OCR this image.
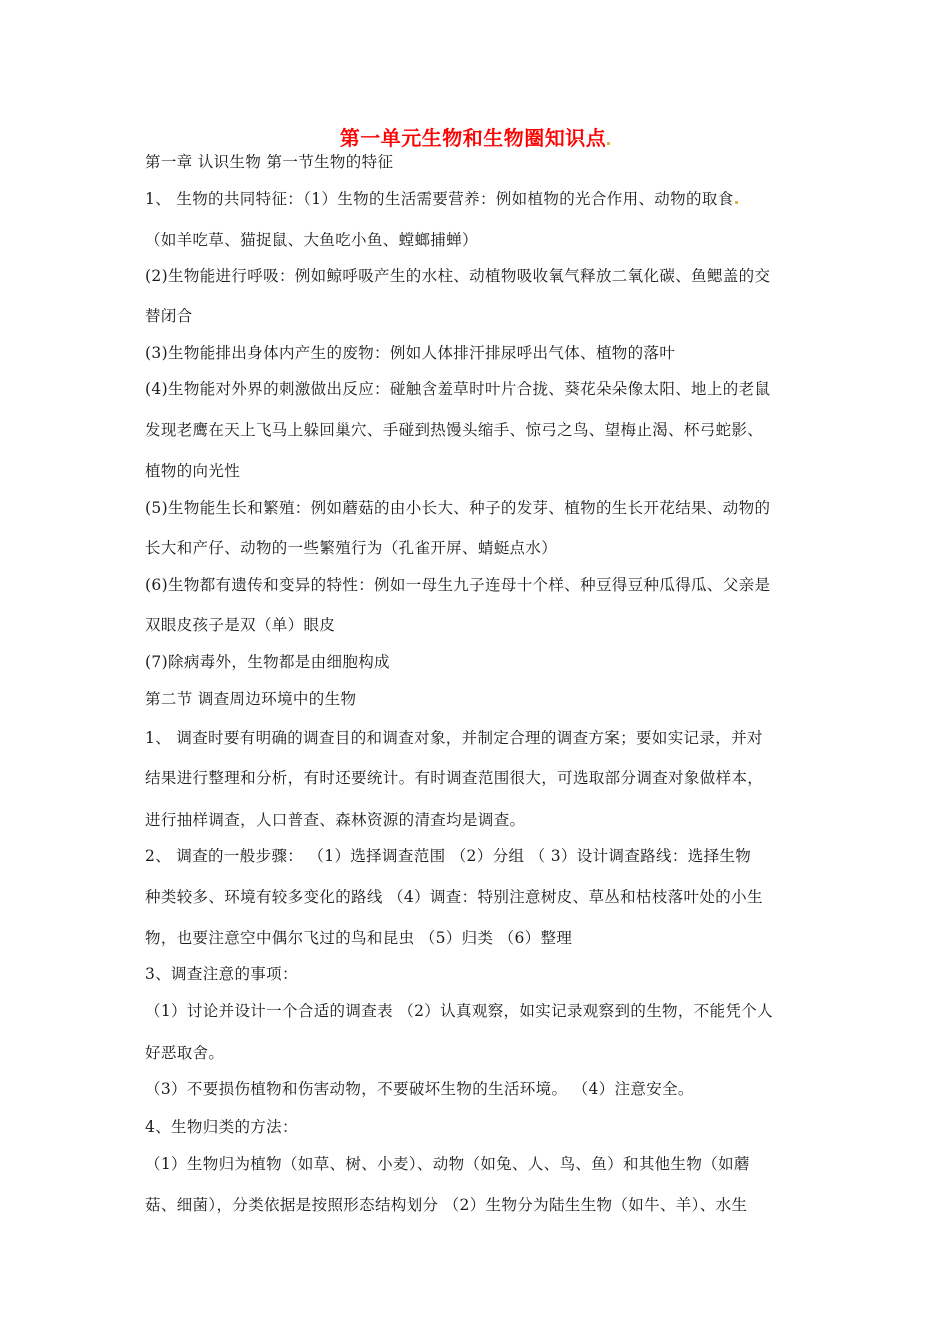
第一单元生物和生物圈知识点
第一章 认识生物 第一节生物的特征
1、 生物的共同特征：（1）生物的生活需要营养：例如植物的光合作用、动物的取食
（如羊吃草、猫捉鼠、大鱼吃小鱼、螳螂捕蝉）
(2)生物能进行呼吸：例如鲸呼吸产生的水柱、动植物吸收氧气释放二氧化碳、鱼鳃盖的交
替闭合
(3)生物能排出身体内产生的废物：例如人体排汗排尿呼出气体、植物的落叶
(4)生物能对外界的刺激做出反应：碰触含羞草时叶片合拢、葵花朵朵像太阳、地上的老鼠
发现老鹰在天上飞马上躲回巢穴、手碰到热馒头缩手、惊弓之鸟、望梅止渴、杯弓蛇影、
植物的向光性
(5)生物能生长和繁殖：例如蘑菇的由小长大、种子的发芽、植物的生长开花结果、动物的
长大和产仔、动物的一些繁殖行为（孔雀开屏、蜻蜓点水）
(6)生物都有遗传和变异的特性：例如一母生九子连母十个样、种豆得豆种瓜得瓜、父亲是
双眼皮孩子是双（单）眼皮
(7)除病毒外，生物都是由细胞构成
第二节 调查周边环境中的生物
1、 调查时要有明确的调查目的和调查对象，并制定合理的调查方案；要如实记录，并对
结果进行整理和分析，有时还要统计。有时调查范围很大，可选取部分调查对象做样本，
进行抽样调查，人口普查、森林资源的清查均是调查。
2、 调查的一般步骤： （1）选择调查范围 （2）分组 （ 3）设计调查路线：选择生物
种类较多、环境有较多变化的路线 （4）调查：特别注意树皮、草丛和枯枝落叶处的小生
物，也要注意空中偶尔飞过的鸟和昆虫 （5）归类 （6）整理
3、调查注意的事项：
（1）讨论并设计一个合适的调查表 （2）认真观察，如实记录观察到的生物，不能凭个人
好恶取舍。
（3）不要损伤植物和伤害动物，不要破坏生物的生活环境。 （4）注意安全。
4、生物归类的方法：
（1）生物归为植物（如草、树、小麦）、动物（如兔、人、鸟、鱼）和其他生物（如蘑
菇、细菌），分类依据是按照形态结构划分 （2）生物分为陆生生物（如牛、羊）、水生
